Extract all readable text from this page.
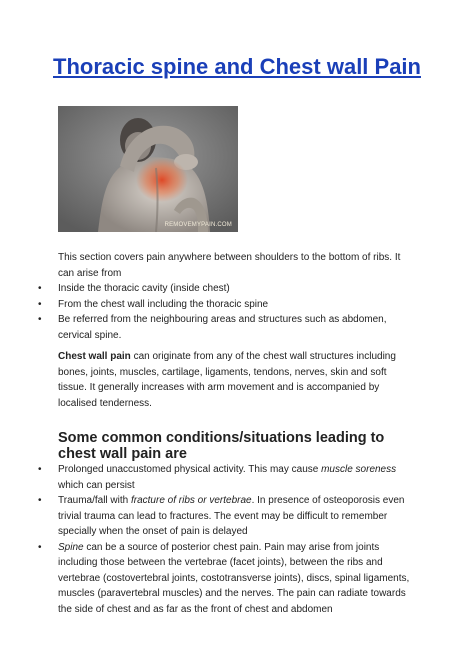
Thoracic spine and Chest wall Pain
REMOVEMYPAIN.COM

This section covers pain anywhere between shoulders to the bottom of ribs. It can arise from

• Inside the thoracic cavity (inside chest)
• From the chest wall including the thoracic spine
• Be referred from the neighbouring areas and structures such as abdomen, cervical spine.

Chest wall pain can originate from any of the chest wall structures including bones, joints, muscles, cartilage, ligaments, tendons, nerves, skin and soft tissue. It generally increases with arm movement and is accompanied by localised tenderness.

Some common conditions/situations leading to chest wall pain are
• Prolonged unaccustomed physical activity. This may cause muscle soreness which can persist
• Trauma/fall with fracture of ribs or vertebrae. In presence of osteoporosis even trivial trauma can lead to fractures. The event may be difficult to remember specially when the onset of pain is delayed
• Spine can be a source of posterior chest pain. Pain may arise from joints including those between the vertebrae (facet joints), between the ribs and vertebrae (costovertebral joints, costotransverse joints), discs, spinal ligaments, muscles (paravertebral muscles) and the nerves. The pain can radiate towards the side of chest and as far as the front of chest and abdomen
